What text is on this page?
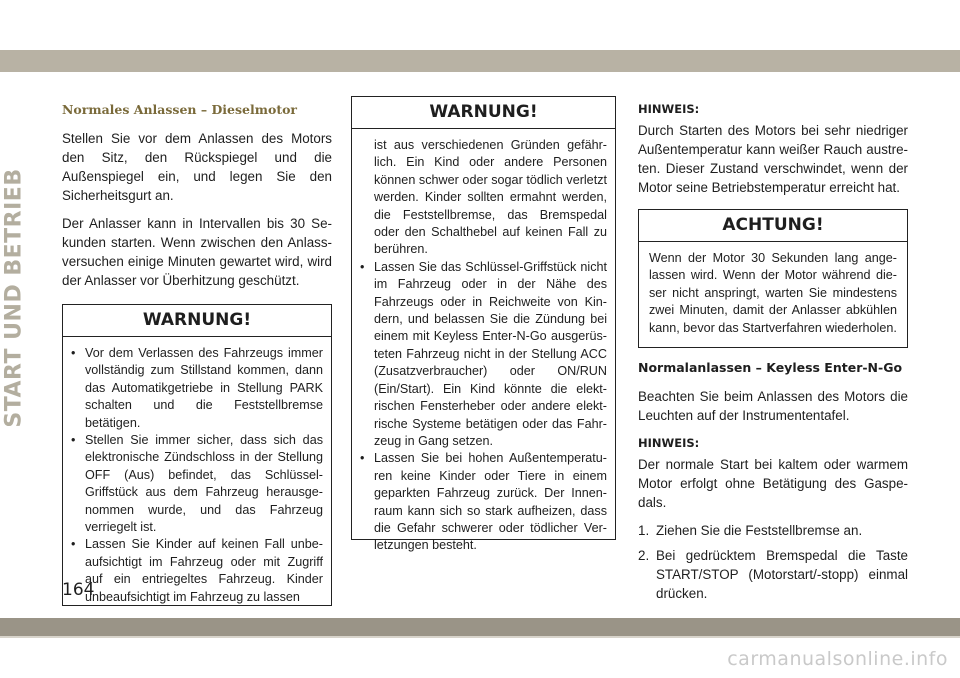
START UND BETRIEB
Normales Anlassen – Dieselmotor

Stellen Sie vor dem Anlassen des Motors den Sitz, den Rückspiegel und die Außenspiegel ein, und legen Sie den Sicherheitsgurt an.

Der Anlasser kann in Intervallen bis 30 Sekunden starten. Wenn zwischen den Anlassversuchen einige Minuten gewartet wird, wird der Anlasser vor Überhitzung geschützt.

WARNUNG!
• Vor dem Verlassen des Fahrzeugs immer vollständig zum Stillstand kommen, dann das Automatikgetriebe in Stellung PARK schalten und die Feststellbremse betätigen.
• Stellen Sie immer sicher, dass sich das elektronische Zündschloss in der Stellung OFF (Aus) befindet, das Schlüssel-Griffstück aus dem Fahrzeug herausgenommen wurde, und das Fahrzeug verriegelt ist.
• Lassen Sie Kinder auf keinen Fall unbeaufsichtigt im Fahrzeug oder mit Zugriff auf ein entriegeltes Fahrzeug. Kinder unbeaufsichtigt im Fahrzeug zu lassen
WARNUNG!
ist aus verschiedenen Gründen gefährlich. Ein Kind oder andere Personen können schwer oder sogar tödlich verletzt werden. Kinder sollten ermahnt werden, die Feststellbremse, das Bremspedal oder den Schalthebel auf keinen Fall zu berühren.
• Lassen Sie das Schlüssel-Griffstück nicht im Fahrzeug oder in der Nähe des Fahrzeugs oder in Reichweite von Kindern, und belassen Sie die Zündung bei einem mit Keyless Enter-N-Go ausgerüsteten Fahrzeug nicht in der Stellung ACC (Zusatzverbraucher) oder ON/RUN (Ein/Start). Ein Kind könnte die elektrischen Fensterheber oder andere elektrische Systeme betätigen oder das Fahrzeug in Gang setzen.
• Lassen Sie bei hohen Außentemperaturen keine Kinder oder Tiere in einem geparkten Fahrzeug zurück. Der Innenraum kann sich so stark aufheizen, dass die Gefahr schwerer oder tödlicher Verletzungen besteht.
HINWEIS:

Durch Starten des Motors bei sehr niedriger Außentemperatur kann weißer Rauch austreten. Dieser Zustand verschwindet, wenn der Motor seine Betriebstemperatur erreicht hat.

ACHTUNG!
Wenn der Motor 30 Sekunden lang angelassen wird. Wenn der Motor während dieser nicht anspringt, warten Sie mindestens zwei Minuten, damit der Anlasser abkühlen kann, bevor das Startverfahren wiederholen.
Normalanlassen – Keyless Enter-N-Go

Beachten Sie beim Anlassen des Motors die Leuchten auf der Instrumententafel.

HINWEIS:

Der normale Start bei kaltem oder warmem Motor erfolgt ohne Betätigung des Gaspedals.

1. Ziehen Sie die Feststellbremse an.
2. Bei gedrücktem Bremspedal die Taste START/STOP (Motorstart/-stopp) einmal drücken.
164
carmanualsonline.info
